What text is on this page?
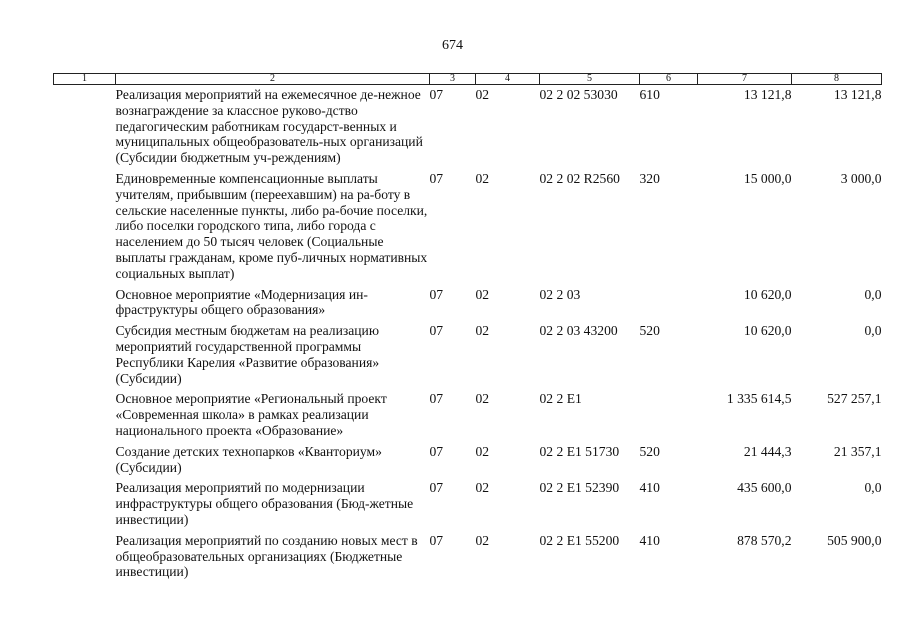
674
1	2	3	4	5	6	7	8
	Реализация мероприятий на ежемесячное де-нежное вознаграждение за классное руково-дство педагогическим работникам государст-венных и муниципальных общеобразователь-ных организаций (Субсидии бюджетным уч-реждениям)	07	02	02 2 02 53030	610	13 121,8	13 121,8
	Единовременные компенсационные выплаты учителям, прибывшим (переехавшим) на ра-боту в сельские населенные пункты, либо ра-бочие поселки, либо поселки городского типа, либо города с населением до 50 тысяч человек (Социальные выплаты гражданам, кроме пуб-личных нормативных социальных выплат)	07	02	02 2 02 R2560	320	15 000,0	3 000,0
	Основное мероприятие «Модернизация ин-фраструктуры общего образования»	07	02	02 2 03		10 620,0	0,0
	Субсидия местным бюджетам на реализацию мероприятий государственной программы Республики Карелия «Развитие образования» (Субсидии)	07	02	02 2 03 43200	520	10 620,0	0,0
	Основное мероприятие «Региональный проект «Современная школа» в рамках реализации национального проекта «Образование»	07	02	02 2 E1		1 335 614,5	527 257,1
	Создание детских технопарков «Кванториум» (Субсидии)	07	02	02 2 E1 51730	520	21 444,3	21 357,1
	Реализация мероприятий по модернизации инфраструктуры общего образования (Бюд-жетные инвестиции)	07	02	02 2 E1 52390	410	435 600,0	0,0
	Реализация мероприятий по созданию новых мест в общеобразовательных организациях (Бюджетные инвестиции)	07	02	02 2 E1 55200	410	878 570,2	505 900,0
